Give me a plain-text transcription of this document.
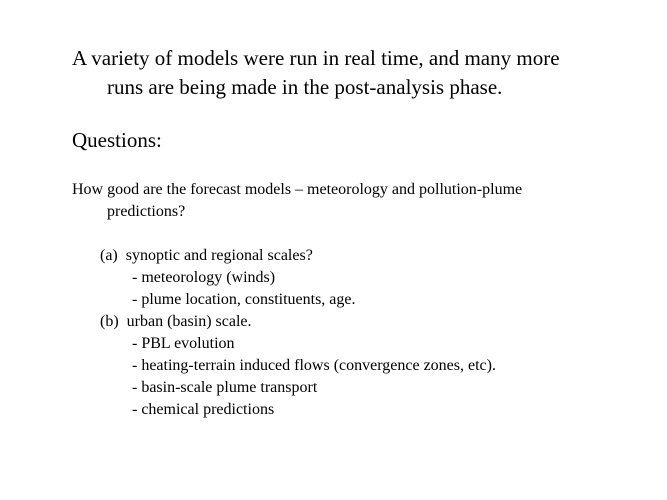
A variety of models were run in real time, and many more
runs are being made in the post-analysis phase.

Questions:

How good are the forecast models – meteorology and pollution-plume
predictions?

(a)  synoptic and regional scales?
- meteorology (winds)
- plume location, constituents, age.
(b)  urban (basin) scale.
- PBL evolution
- heating-terrain induced flows (convergence zones, etc).
- basin-scale plume transport
- chemical predictions
